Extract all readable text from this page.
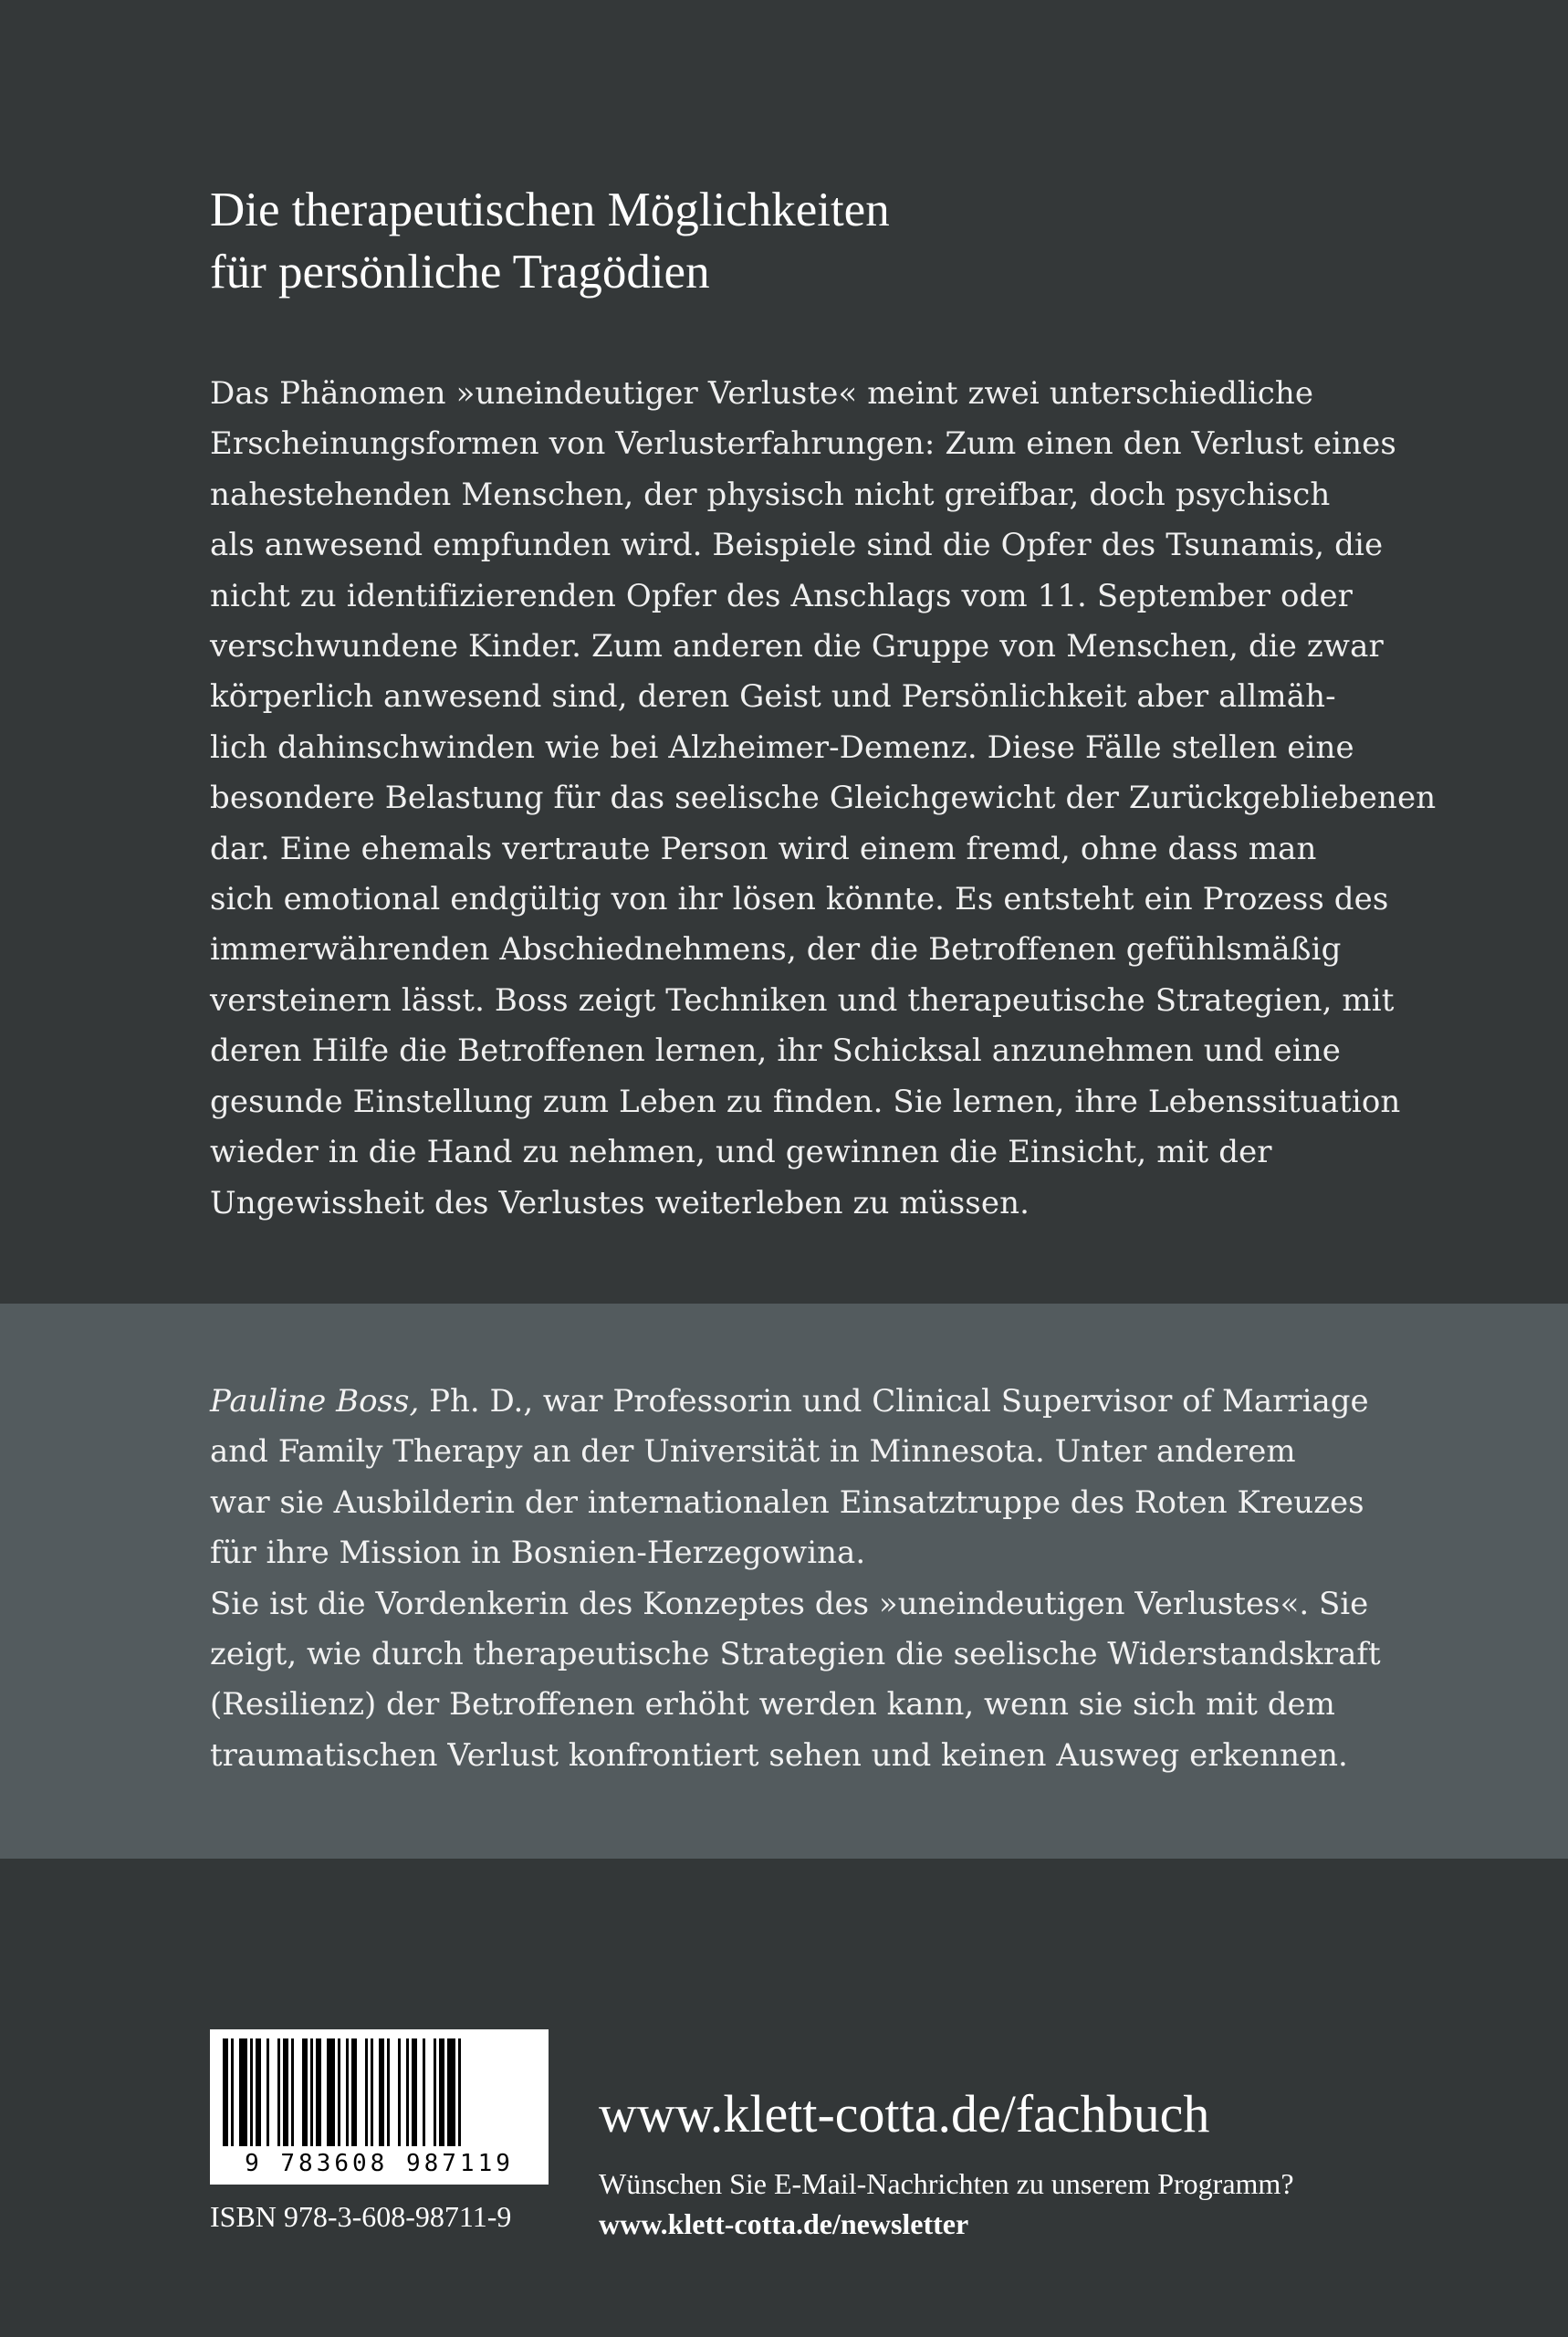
Die therapeutischen Möglichkeiten
für persönliche Tragödien

Das Phänomen »uneindeutiger Verluste« meint zwei unterschiedliche
Erscheinungsformen von Verlusterfahrungen: Zum einen den Verlust eines
nahestehenden Menschen, der physisch nicht greifbar, doch psychisch
als anwesend empfunden wird. Beispiele sind die Opfer des Tsunamis, die
nicht zu identifizierenden Opfer des Anschlags vom 11. September oder
verschwundene Kinder. Zum anderen die Gruppe von Menschen, die zwar
körperlich anwesend sind, deren Geist und Persönlichkeit aber allmäh-
lich dahinschwinden wie bei Alzheimer-Demenz. Diese Fälle stellen eine
besondere Belastung für das seelische Gleichgewicht der Zurückgebliebenen
dar. Eine ehemals vertraute Person wird einem fremd, ohne dass man
sich emotional endgültig von ihr lösen könnte. Es entsteht ein Prozess des
immerwährenden Abschiednehmens, der die Betroffenen gefühlsmäßig
versteinern lässt. Boss zeigt Techniken und therapeutische Strategien, mit
deren Hilfe die Betroffenen lernen, ihr Schicksal anzunehmen und eine
gesunde Einstellung zum Leben zu finden. Sie lernen, ihre Lebenssituation
wieder in die Hand zu nehmen, und gewinnen die Einsicht, mit der
Ungewissheit des Verlustes weiterleben zu müssen.

Pauline Boss, Ph. D., war Professorin und Clinical Supervisor of Marriage
and Family Therapy an der Universität in Minnesota. Unter anderem
war sie Ausbilderin der internationalen Einsatztruppe des Roten Kreuzes
für ihre Mission in Bosnien-Herzegowina.
Sie ist die Vordenkerin des Konzeptes des »uneindeutigen Verlustes«. Sie
zeigt, wie durch therapeutische Strategien die seelische Widerstandskraft
(Resilienz) der Betroffenen erhöht werden kann, wenn sie sich mit dem
traumatischen Verlust konfrontiert sehen und keinen Ausweg erkennen.

9 783608 987119
ISBN 978-3-608-98711-9
www.klett-cotta.de/fachbuch
Wünschen Sie E-Mail-Nachrichten zu unserem Programm?
www.klett-cotta.de/newsletter
